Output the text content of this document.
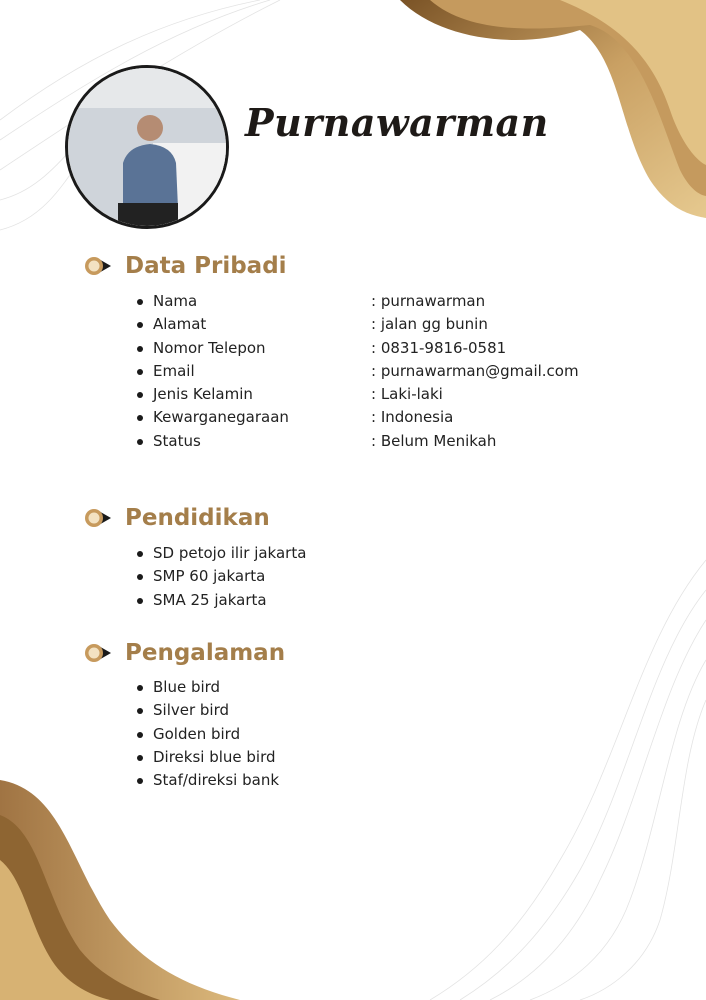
Purnawarman
Data Pribadi
Nama
Alamat
Nomor Telepon
Email
Jenis Kelamin
Kewarganegaraan
Status
: purnawarman
: jalan gg bunin
: 0831-9816-0581
: purnawarman@gmail.com
: Laki-laki
: Indonesia
: Belum Menikah
Pendidikan
SD petojo ilir jakarta
SMP 60 jakarta
SMA 25 jakarta
Pengalaman
Blue bird
Silver bird
Golden bird
Direksi blue bird
Staf/direksi bank
